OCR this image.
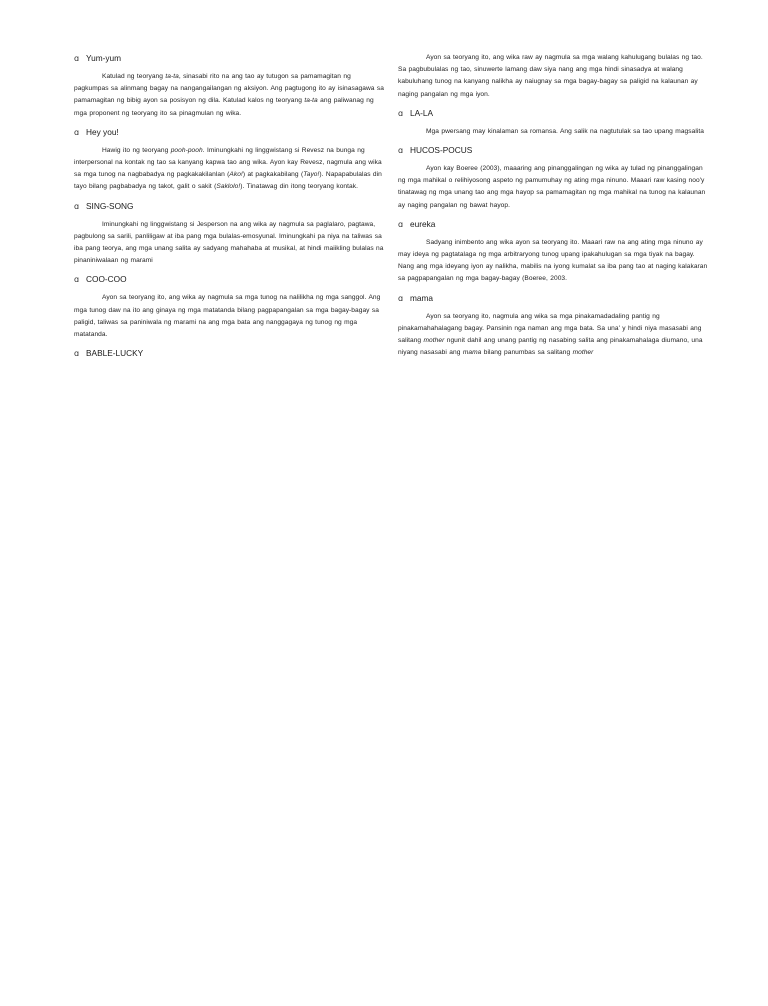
ɑ Yum-yum

Katulad ng teoryang ta-ta, sinasabi rito na ang tao ay tutugon sa pamamagitan ng pagkumpas sa alinmang bagay na nangangailangan ng aksiyon. Ang pagtugong ito ay isinasagawa sa pamamagitan ng bibig ayon sa posisyon ng dila. Katulad kalos ng teoryang ta-ta ang paliwanag ng mga proponent ng teoryang ito sa pinagmulan ng wika.

ɑ Hey you!

Hawig ito ng teoryang pooh-pooh. Iminungkahi ng linggwistang si Revesz na bunga ng interpersonal na kontak ng tao sa kanyang kapwa tao ang wika. Ayon kay Revesz, nagmula ang wika sa mga tunog na nagbabadya ng pagkakakilanlan (Ako!) at pagkakabilang (Tayo!). Napapabulalas din tayo bilang pagbabadya ng takot, galit o sakit (Saklolo!). Tinatawag din itong teoryang kontak.

ɑ SING-SONG

Iminungkahi ng linggwistang si Jesperson na ang wika ay nagmula sa paglalaro, pagtawa, pagbulong sa sarili, panliligaw at iba pang mga bulalas-emosyunal. Iminungkahi pa niya na taliwas sa iba pang teorya, ang mga unang salita ay sadyang mahahaba at musikal, at hindi maiikling bulalas na pinaniniwalaan ng marami

ɑ COO-COO

Ayon sa teoryang ito, ang wika ay nagmula sa mga tunog na nalilikha ng mga sanggol. Ang mga tunog daw na ito ang ginaya ng mga matatanda bilang pagpapangalan sa mga bagay-bagay sa paligid, taliwas sa paniniwala ng marami na ang mga bata ang nanggagaya ng tunog ng mga matatanda.

ɑ BABLE-LUCKY

Ayon sa teoryang ito, ang wika raw ay nagmula sa mga walang kahulugang bulalas ng tao. Sa pagbubulalas ng tao, sinuwerte lamang daw siya nang ang mga hindi sinasadya at walang kabuluhang tunog na kanyang nalikha ay naiugnay sa mga bagay-bagay sa paligid na kalaunan ay naging pangalan ng mga iyon.

ɑ LA-LA

Mga pwersang may kinalaman sa romansa. Ang salik na nagtutulak sa tao upang magsalita

ɑ HUCOS-POCUS

Ayon kay Boeree (2003), maaaring ang pinanggalingan ng wika ay tulad ng pinanggalingan ng mga mahikal o relihiyosong aspeto ng pamumuhay ng ating mga ninuno. Maaari raw kasing noo'y tinatawag ng mga unang tao ang mga hayop sa pamamagitan ng mga mahikal na tunog na kalaunan ay naging pangalan ng bawat hayop.

ɑ eureka

Sadyang inimbento ang wika ayon sa teoryang ito. Maaari raw na ang ating mga ninuno ay may ideya ng pagtatalaga ng mga arbitraryong tunog upang ipakahulugan sa mga tiyak na bagay. Nang ang mga ideyang iyon ay nalikha, mabilis na iyong kumalat sa iba pang tao at naging kalakaran sa pagpapangalan ng mga bagay-bagay (Boeree, 2003.

ɑ mama

Ayon sa teoryang ito, nagmula ang wika sa mga pinakamadadaling pantig ng pinakamahahalagang bagay. Pansinin nga naman ang mga bata. Sa una' y hindi niya masasabi ang salitang mother ngunit dahil ang unang pantig ng nasabing salita ang pinakamahalaga diumano, una niyang nasasabi ang mama bilang panumbas sa salitang mother
